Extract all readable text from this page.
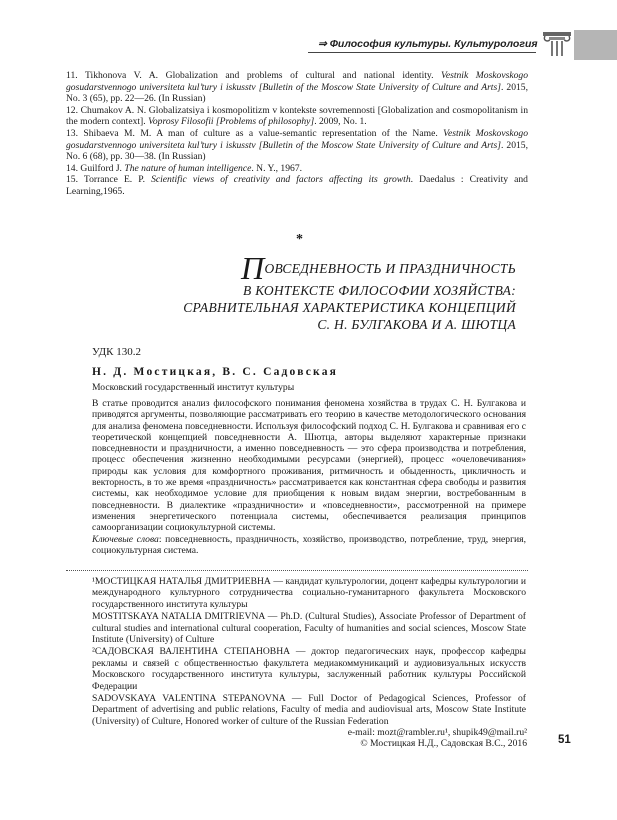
⇒ Философия культуры. Культурология

11. Tikhonova V. A. Globalization and problems of cultural and national identity. Vestnik Moskovskogo gosudarstvennogo universiteta kul’tury i iskusstv [Bulletin of the Moscow State University of Culture and Arts]. 2015, No. 3 (65), pp. 22—26. (In Russian)

12. Chumakov A. N. Globalizatsiya i kosmopolitizm v kontekste sovremennosti [Globalization and cosmopolitanism in the modern context]. Voprosy Filosofii [Problems of philosophy]. 2009, No. 1.

13. Shibaeva M. M. A man of culture as a value-semantic representation of the Name. Vestnik Moskovskogo gosudarstvennogo universiteta kul’tury i iskusstv [Bulletin of the Moscow State University of Culture and Arts]. 2015, No. 6 (68), pp. 30—38. (In Russian)

14. Guilford J. The nature of human intelligence. N. Y., 1967.

15. Torrance E. P. Scientific views of creativity and factors affecting its growth. Daedalus : Creativity and Learning,1965.

*
ПОВСЕДНЕВНОСТЬ И ПРАЗДНИЧНОСТЬ
В КОНТЕКСТЕ ФИЛОСОФИИ ХОЗЯЙСТВА:
СРАВНИТЕЛЬНАЯ ХАРАКТЕРИСТИКА КОНЦЕПЦИЙ
С. Н. БУЛГАКОВА И А. ШЮТЦА
УДК 130.2
Н. Д. Мостицкая, В. С. Садовская
Московский государственный институт культуры

В статье проводится анализ философского понимания феномена хозяйства в трудах С. Н. Булгакова и приводятся аргументы, позволяющие рассматривать его теорию в качестве методологического основания для анализа феномена повседневности. Используя философский подход С. Н. Булгакова и сравнивая его с теоретической концепцией повседневности А. Шютца, авторы выделяют характерные признаки повседневности и праздничности, а именно повседневность — это сфера производства и потребления, процесс обеспечения жизненно необходимыми ресурсами (энергией), процесс «очеловечивания» природы как условия для комфортного проживания, ритмичность и обыденность, цикличность и векторность, в то же время «праздничность» рассматривается как константная сфера свободы и развития системы, как необходимое условие для приобщения к новым видам энергии, востребованным в повседневности. В диалектике «праздничности» и «повседневности», рассмотренной на примере изменения энергетического потенциала системы, обеспечивается реализация принципов самоорганизации социокультурной системы.

Ключевые слова: повседневность, праздничность, хозяйство, производство, потребление, труд, энергия, социокультурная система.

¹МОСТИЦКАЯ НАТАЛЬЯ ДМИТРИЕВНА — кандидат культурологии, доцент кафедры культурологии и международного культурного сотрудничества социально-гуманитарного факультета Московского государственного института культуры

MOSTITSKAYA NATALIA DMITRIEVNA — Ph.D. (Cultural Studies), Associate Professor of Department of cultural studies and international cultural cooperation, Faculty of humanities and social sciences, Moscow State Institute (University) of Culture

²САДОВСКАЯ ВАЛЕНТИНА СТЕПАНОВНА — доктор педагогических наук, профессор кафедры рекламы и связей с общественностью факультета медиакоммуникаций и аудиовизуальных искусств Московского государственного института культуры, заслуженный работник культуры Российской Федерации

SADOVSKAYA VALENTINA STEPANOVNA — Full Doctor of Pedagogical Sciences, Professor of Department of advertising and public relations, Faculty of media and audiovisual arts, Moscow State Institute (University) of Culture, Honored worker of culture of the Russian Federation

e-mail: mozt@rambler.ru¹, shupik49@mail.ru²
© Мостицкая Н.Д., Садовская В.С., 2016	51
